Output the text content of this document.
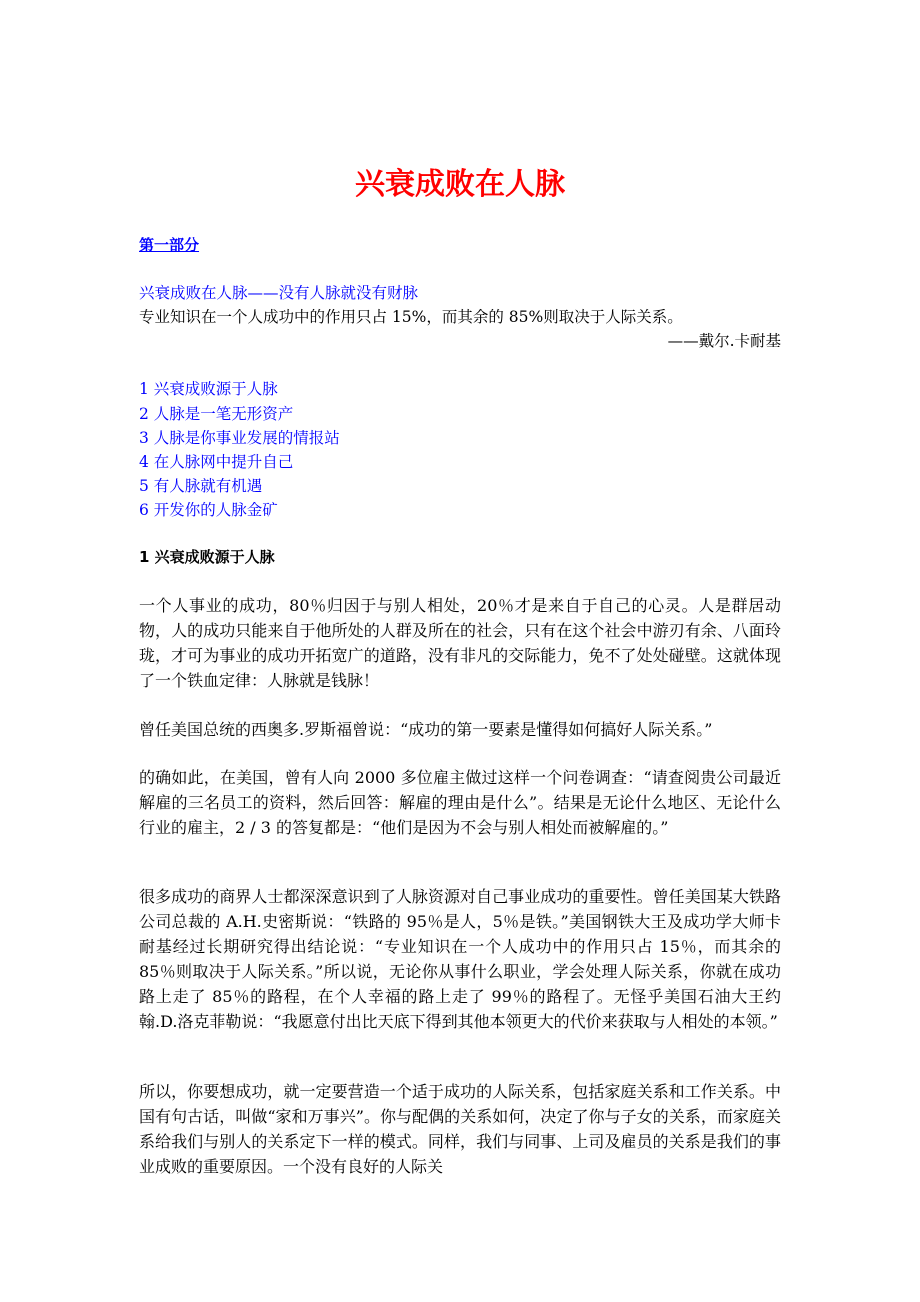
兴衰成败在人脉
第一部分
兴衰成败在人脉——没有人脉就没有财脉
专业知识在一个人成功中的作用只占 15%，而其余的 85%则取决于人际关系。
——戴尔.卡耐基
1 兴衰成败源于人脉
2 人脉是一笔无形资产
3 人脉是你事业发展的情报站
4 在人脉网中提升自己
5 有人脉就有机遇
6 开发你的人脉金矿
1 兴衰成败源于人脉

一个人事业的成功，80％归因于与别人相处，20％才是来自于自己的心灵。人是群居动物，人的成功只能来自于他所处的人群及所在的社会，只有在这个社会中游刃有余、八面玲珑，才可为事业的成功开拓宽广的道路，没有非凡的交际能力，免不了处处碰壁。这就体现了一个铁血定律：人脉就是钱脉！

曾任美国总统的西奥多.罗斯福曾说：“成功的第一要素是懂得如何搞好人际关系。”

的确如此，在美国，曾有人向 2000 多位雇主做过这样一个问卷调查：“请查阅贵公司最近解雇的三名员工的资料，然后回答：解雇的理由是什么”。结果是无论什么地区、无论什么行业的雇主，2 / 3 的答复都是：“他们是因为不会与别人相处而被解雇的。”

很多成功的商界人士都深深意识到了人脉资源对自己事业成功的重要性。曾任美国某大铁路公司总裁的 A.H.史密斯说：“铁路的 95％是人，5％是铁。”美国钢铁大王及成功学大师卡耐基经过长期研究得出结论说：“专业知识在一个人成功中的作用只占 15％，而其余的 85％则取决于人际关系。”所以说，无论你从事什么职业，学会处理人际关系，你就在成功路上走了 85％的路程，在个人幸福的路上走了 99％的路程了。无怪乎美国石油大王约翰.D.洛克菲勒说：“我愿意付出比天底下得到其他本领更大的代价来获取与人相处的本领。”

所以，你要想成功，就一定要营造一个适于成功的人际关系，包括家庭关系和工作关系。中国有句古话，叫做“家和万事兴”。你与配偶的关系如何，决定了你与子女的关系，而家庭关系给我们与别人的关系定下一样的模式。同样，我们与同事、上司及雇员的关系是我们的事业成败的重要原因。一个没有良好的人际关
